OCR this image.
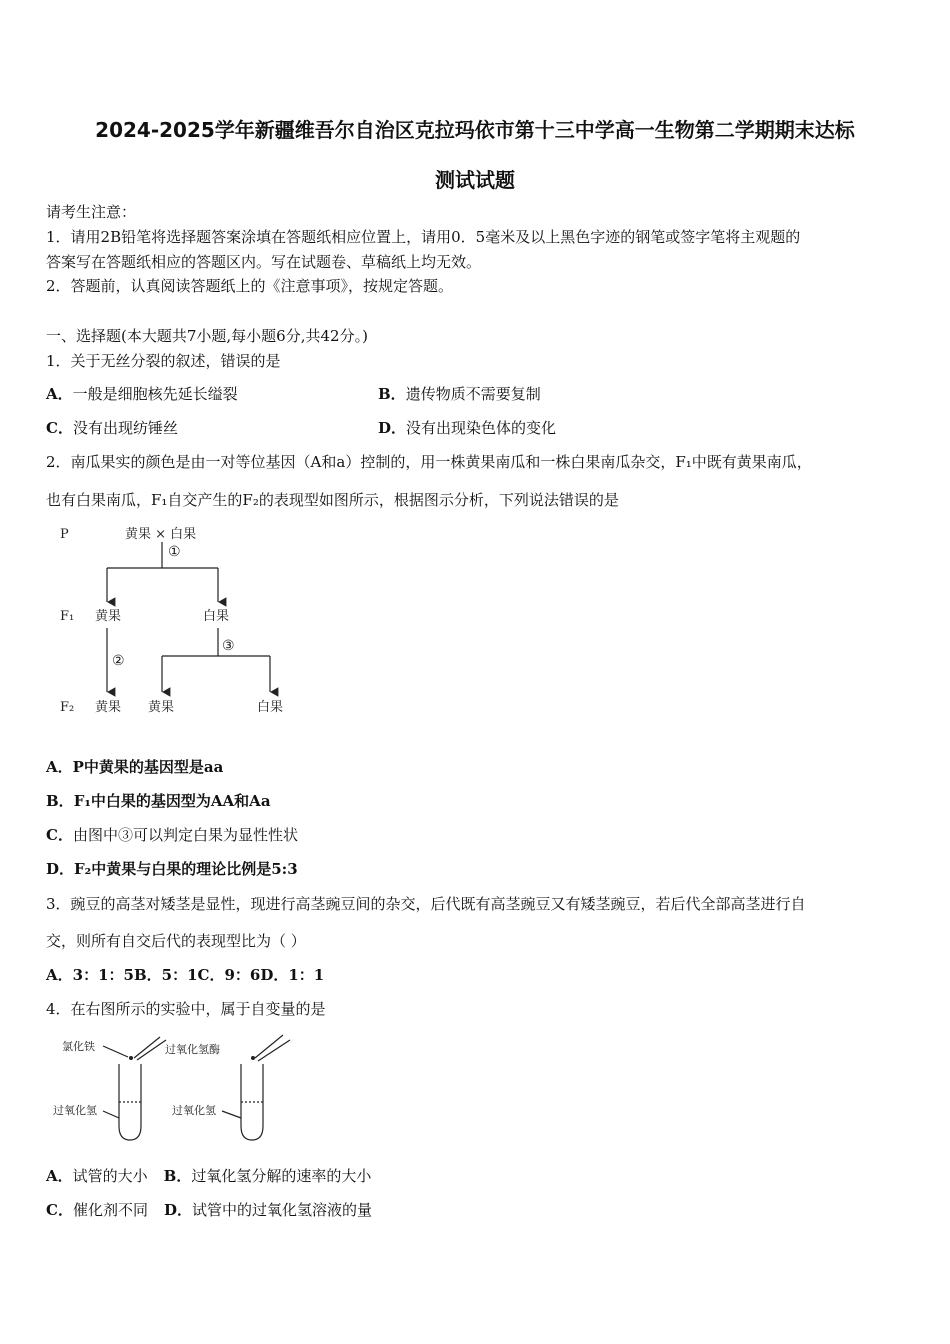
2024-2025学年新疆维吾尔自治区克拉玛依市第十三中学高一生物第二学期期末达标
测试试题
请考生注意：
1．请用2B铅笔将选择题答案涂填在答题纸相应位置上，请用0．5毫米及以上黑色字迹的钢笔或签字笔将主观题的
答案写在答题纸相应的答题区内。写在试题卷、草稿纸上均无效。
2．答题前，认真阅读答题纸上的《注意事项》，按规定答题。
一、选择题(本大题共7小题,每小题6分,共42分。)
1．关于无丝分裂的叙述，错误的是
A．一般是细胞核先延长缢裂	B．遗传物质不需要复制
C．没有出现纺锤丝	D．没有出现染色体的变化
2．南瓜果实的颜色是由一对等位基因（A和a）控制的，用一株黄果南瓜和一株白果南瓜杂交，F₁中既有黄果南瓜，
也有白果南瓜，F₁自交产生的F₂的表现型如图所示，根据图示分析，下列说法错误的是
P	黄果 × 白果
①
F₁ 黄果	白果
②
③
F₂ 黄果 黄果	白果
氯化铁
过氧化氢
过氧化氢酶
过氧化氢
A．P中黄果的基因型是aa
B．F₁中白果的基因型为AA和Aa
C．由图中③可以判定白果为显性性状
D．F₂中黄果与白果的理论比例是5:3
3．豌豆的高茎对矮茎是显性，现进行高茎豌豆间的杂交，后代既有高茎豌豆又有矮茎豌豆，若后代全部高茎进行自
交，则所有自交后代的表现型比为（ ）
A．3：1：5B．5：1C．9：6D．1：1
4．在右图所示的实验中，属于自变量的是
A．试管的大小 B．过氧化氢分解的速率的大小
C．催化剂不同 D．试管中的过氧化氢溶液的量
